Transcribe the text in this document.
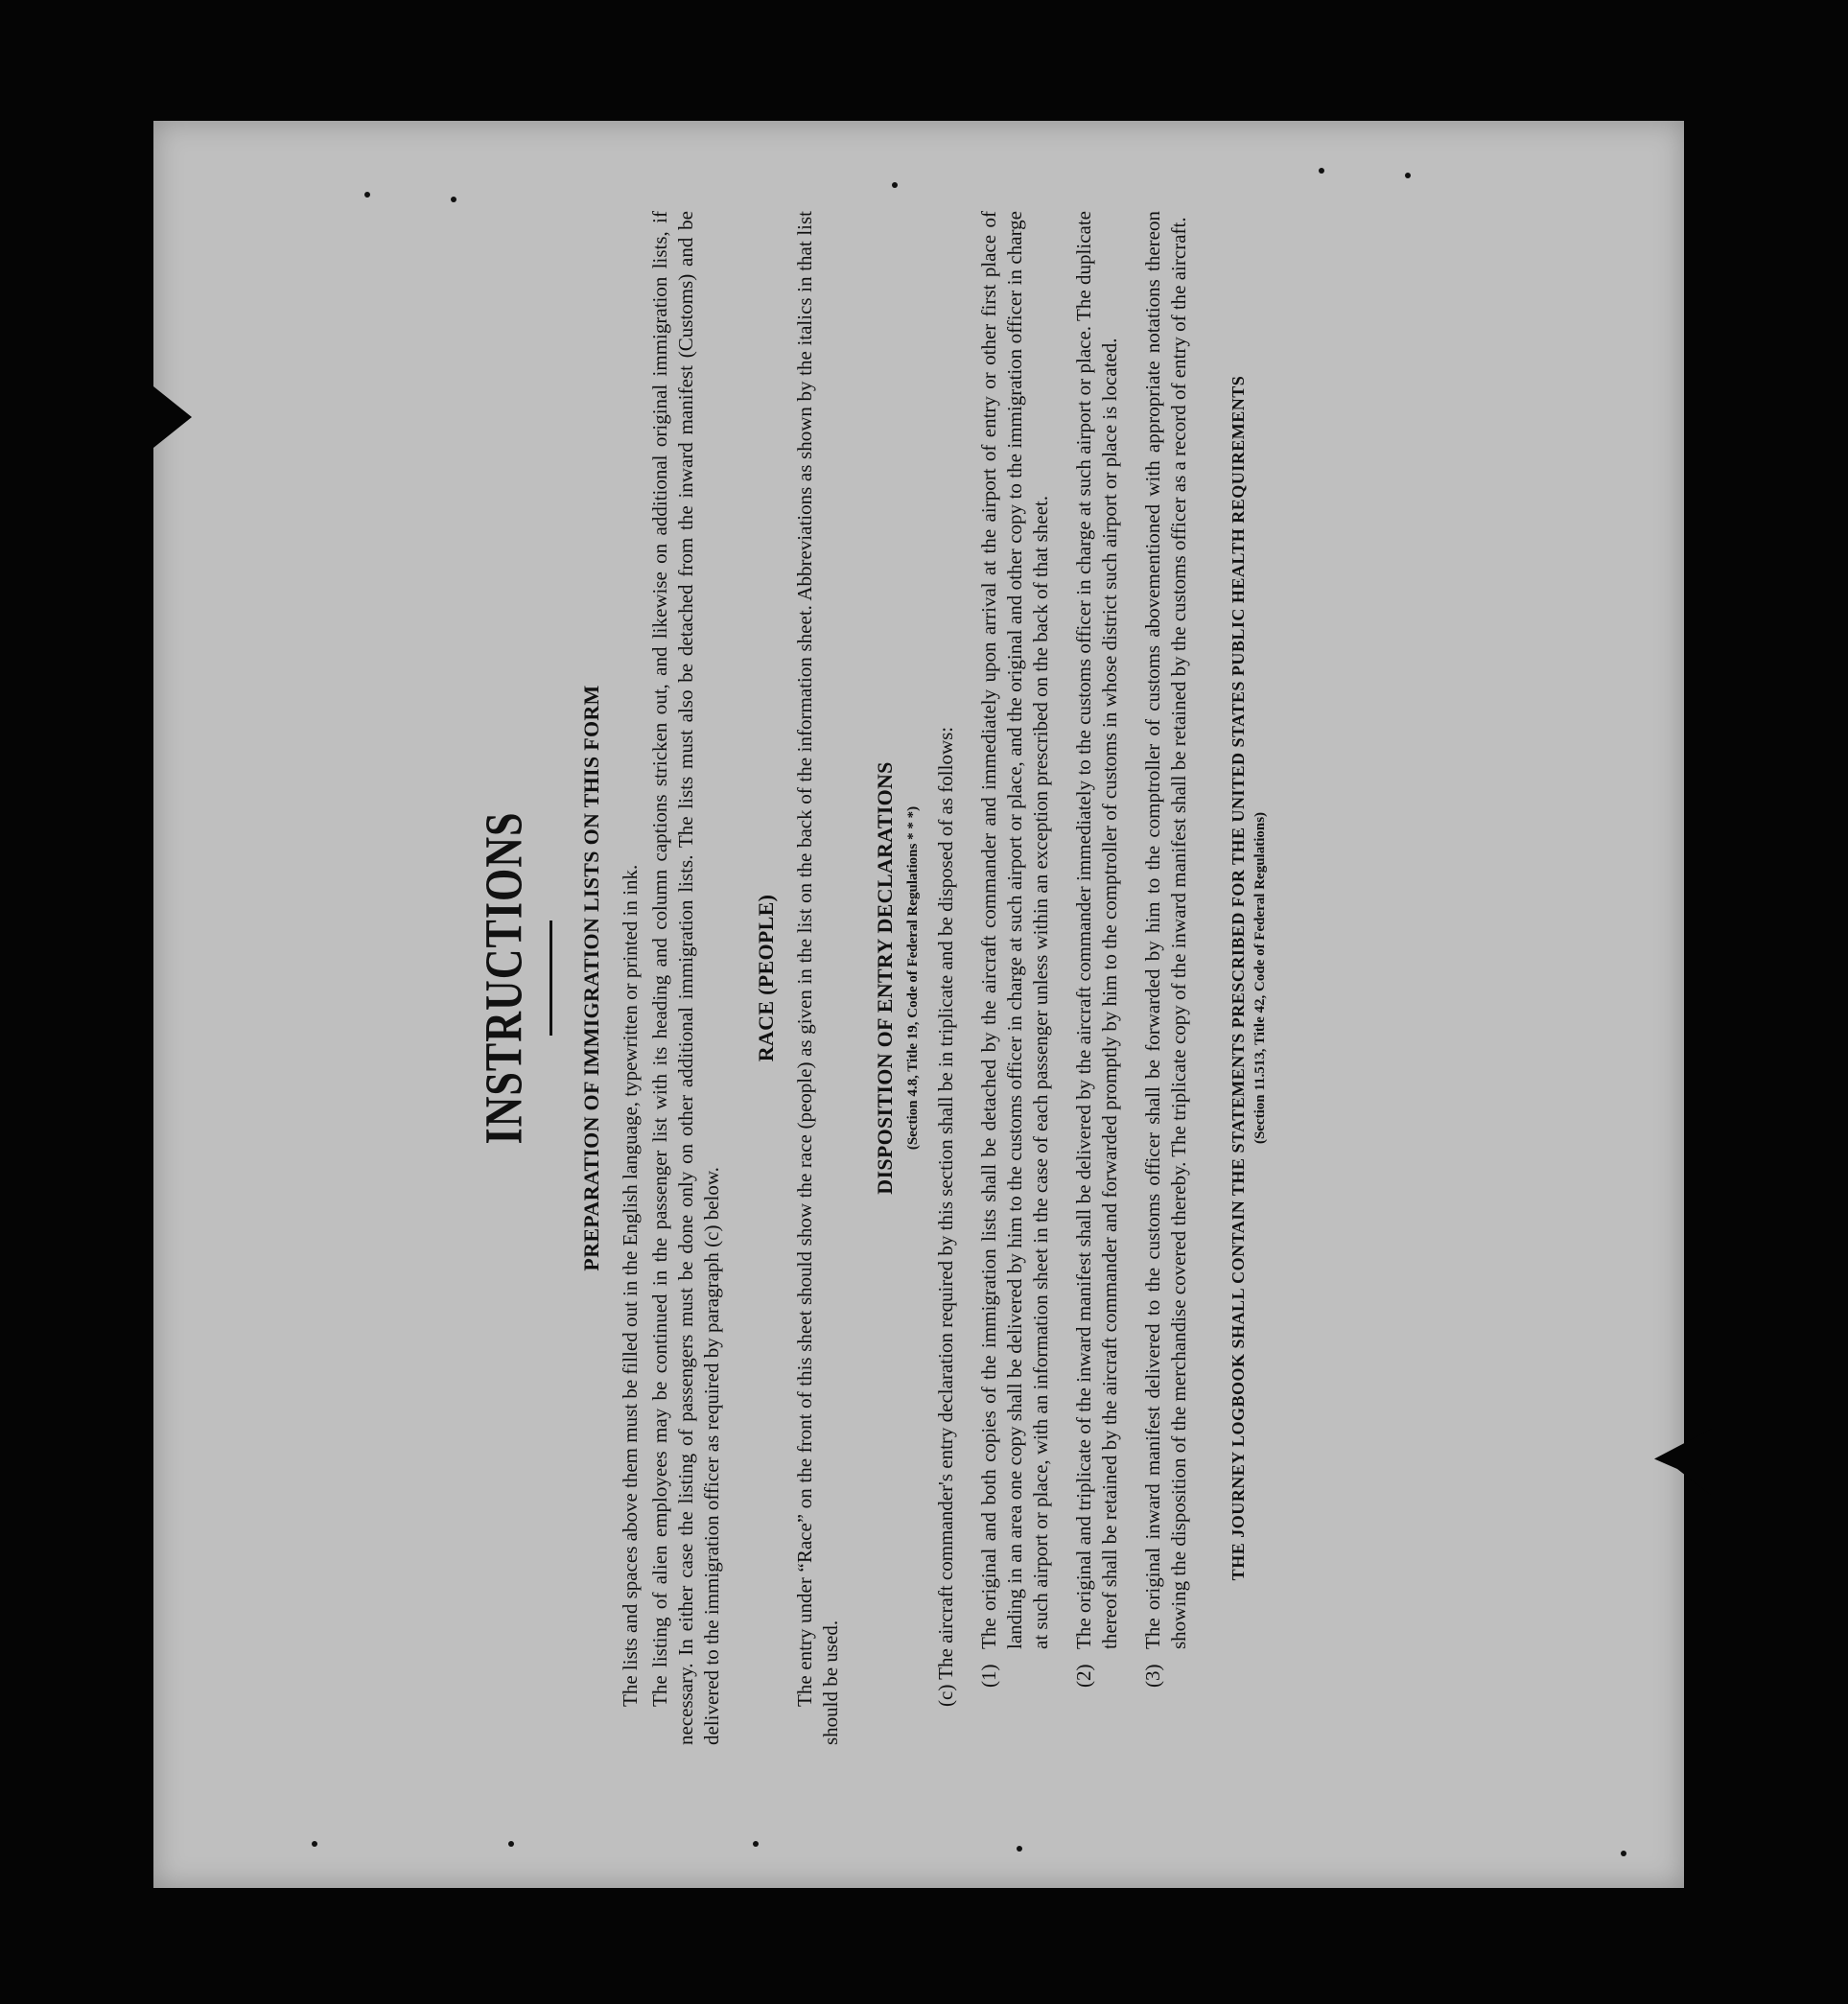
INSTRUCTIONS PREPARATION OF IMMIGRATION LISTS ON THIS FORM The lists and spaces above them must be filled out in the English language, typewritten or printed in ink. The listing of alien employees may be continued in the passenger list with its heading and column captions stricken out, and likewise on additional original immigration lists, if necessary. In either case the listing of passengers must be done only on other additional immigration lists. The lists must also be detached from the inward manifest (Customs) and be delivered to the immigration officer as required by paragraph (c) below.

RACE (PEOPLE) The entry under “Race” on the front of this sheet should show the race (people) as given in the list on the back of the information sheet. Abbreviations as shown by the italics in that list should be used.

DISPOSITION OF ENTRY DECLARATIONS (Section 4.8, Title 19, Code of Federal Regulations * * *) (c) The aircraft commander's entry declaration required by this section shall be in triplicate and be disposed of as follows: (1)
The original and both copies of the immigration lists shall be detached by the aircraft commander and immediately upon arrival at the airport of entry or other first place of landing in an area one copy shall be delivered by him to the customs officer in charge at such airport or place, and the original and other copy to the immigration officer in charge at such airport or place, with an information sheet in the case of each passenger unless within an exception prescribed on the back of that sheet.
(2)
The original and triplicate of the inward manifest shall be delivered by the aircraft commander immediately to the customs officer in charge at such airport or place. The duplicate thereof shall be retained by the aircraft commander and forwarded promptly by him to the comptroller of customs in whose district such airport or place is located.
(3)
The original inward manifest delivered to the customs officer shall be forwarded by him to the comptroller of customs abovementioned with appropriate notations thereon showing the disposition of the merchandise covered thereby. The triplicate copy of the inward manifest shall be retained by the customs officer as a record of entry of the aircraft. THE JOURNEY LOGBOOK SHALL CONTAIN THE STATEMENTS PRESCRIBED FOR THE UNITED STATES PUBLIC HEALTH REQUIREMENTS (Section 11.513, Title 42, Code of Federal Regulations)
